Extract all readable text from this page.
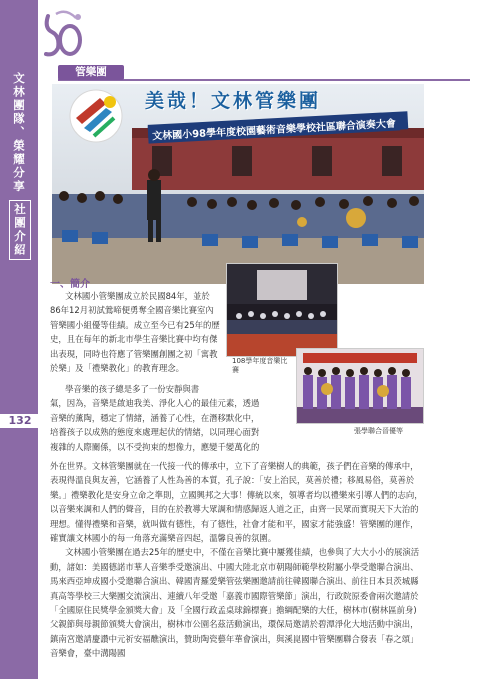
文林團隊、榮耀分享
社團介紹
132
管樂團
美哉！文林管樂團
文林國小98學年度校園藝術音樂學校社區聯合演奏大會
一、簡介

文林國小管樂團成立於民國84年，並於86年12月初試鶯啼便勇奪全國音樂比賽室內管樂國小組優等佳績。成立至今已有25年的歷史，且在每年的新北市學生音樂比賽中均有傑出表現，同時也符應了管樂團創團之初「寓教於樂」及「禮樂教化」的教育理念。

108學年度音樂比賽
張學聯合晉優等

學音樂的孩子總是多了一份安靜與書

氣，因為，音樂是啟迪我美、淨化人心的最佳元素，透過

音樂的薰陶，穩定了情緒，涵養了心性，在潛移默化中，

培養孩子以成熟的態度來處理起伏的情緒，以同理心面對

複雜的人際關係，以不受拘束的想像力，應變千變萬化的

外在世界。文林管樂團就在一代接一代的傳承中，立下了音樂樹人的典範，孩子們在音樂的傳承中，表現得溫良與友善，它涵養了人性為善的本質，孔子說：「安上治民，莫善於禮；移風易俗，莫善於樂。」禮樂教化是安身立命之準則，立國興邦之大事！傳統以來，領導者均以禮樂來引導人們的志向，以音樂來調和人們的聲音，目的在於教導大眾調和情感歸返人道之正，由齊一民眾而實現天下大治的理想。懂得禮樂和音樂，就叫做有德性，有了德性，社會才能和平，國家才能強盛！管樂團的運作，確實讓文林國小的每一角落充滿樂音四起，溫馨良善的氛圍。

文林國小管樂團在過去25年的歷史中，不僅在音樂比賽中屢獲佳績，也參與了大大小小的展演活動，諸如：美國德諾市華人音樂季受邀演出、中國大陸北京市朝陽師範學校附屬小學受邀聯合演出、馬來西亞坤成國小受邀聯合演出、韓國青羅愛樂管弦樂團邀請前往韓國聯合演出、前往日本貝茨城縣真高等學校三大樂團交流演出、連續八年受邀「嘉義市國際管樂節」演出，行政院原委會兩次邀請於「全國原住民獎學金頒獎大會」及「全國行政孟桌球錦標賽」擔綱配樂的大任，樹林市(樹林區前身)父親節與母親節頒獎大會演出，樹林市公園名茲活動演出，環保局邀請於碧潭淨化大地活動中演出，鎮南宮邀請慶讚中元祈安福醮演出，贊助陶瓷藝年華會演出，與溪崑國中管樂團聯合發表「春之頌」音樂會，臺中溝陽國
